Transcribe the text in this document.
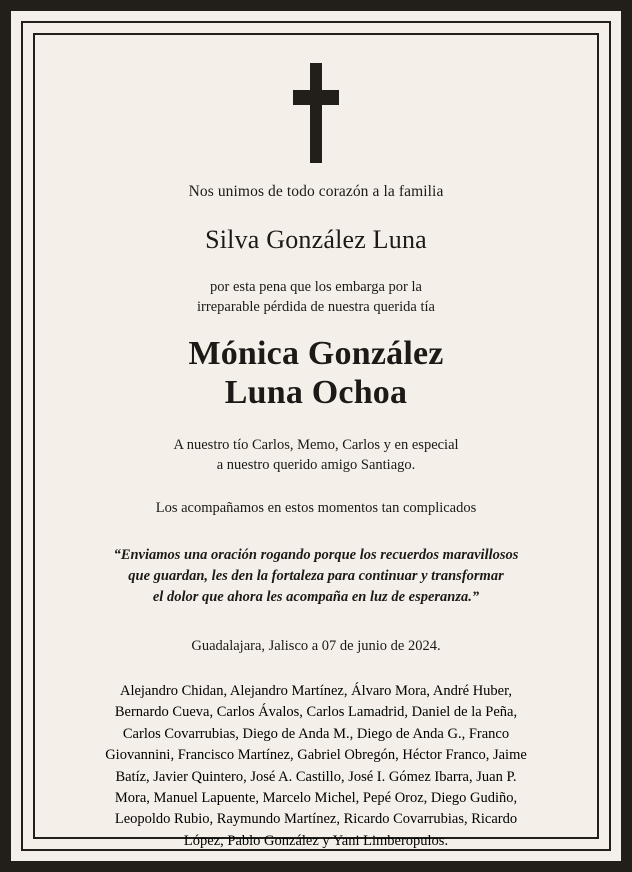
Nos unimos de todo corazón a la familia
Silva González Luna
por esta pena que los embarga por la
irreparable pérdida de nuestra querida tía
Mónica González
Luna Ochoa
A nuestro tío Carlos, Memo, Carlos y en especial
a nuestro querido amigo Santiago.
Los acompañamos en estos momentos tan complicados
“Enviamos una oración rogando porque los recuerdos maravillosos
que guardan, les den la fortaleza para continuar y transformar
el dolor que ahora les acompaña en luz de esperanza.”
Guadalajara, Jalisco a 07 de junio de 2024.
Alejandro Chidan, Alejandro Martínez, Álvaro Mora, André Huber,
Bernardo Cueva, Carlos Ávalos, Carlos Lamadrid, Daniel de la Peña,
Carlos Covarrubias, Diego de Anda M., Diego de Anda G., Franco
Giovannini, Francisco Martínez, Gabriel Obregón, Héctor Franco, Jaime
Batíz, Javier Quintero, José A. Castillo, José I. Gómez Ibarra, Juan P.
Mora, Manuel Lapuente, Marcelo Michel, Pepé Oroz, Diego Gudiño,
Leopoldo Rubio, Raymundo Martínez, Ricardo Covarrubias, Ricardo
López, Pablo González y Yani Limberopulos.
